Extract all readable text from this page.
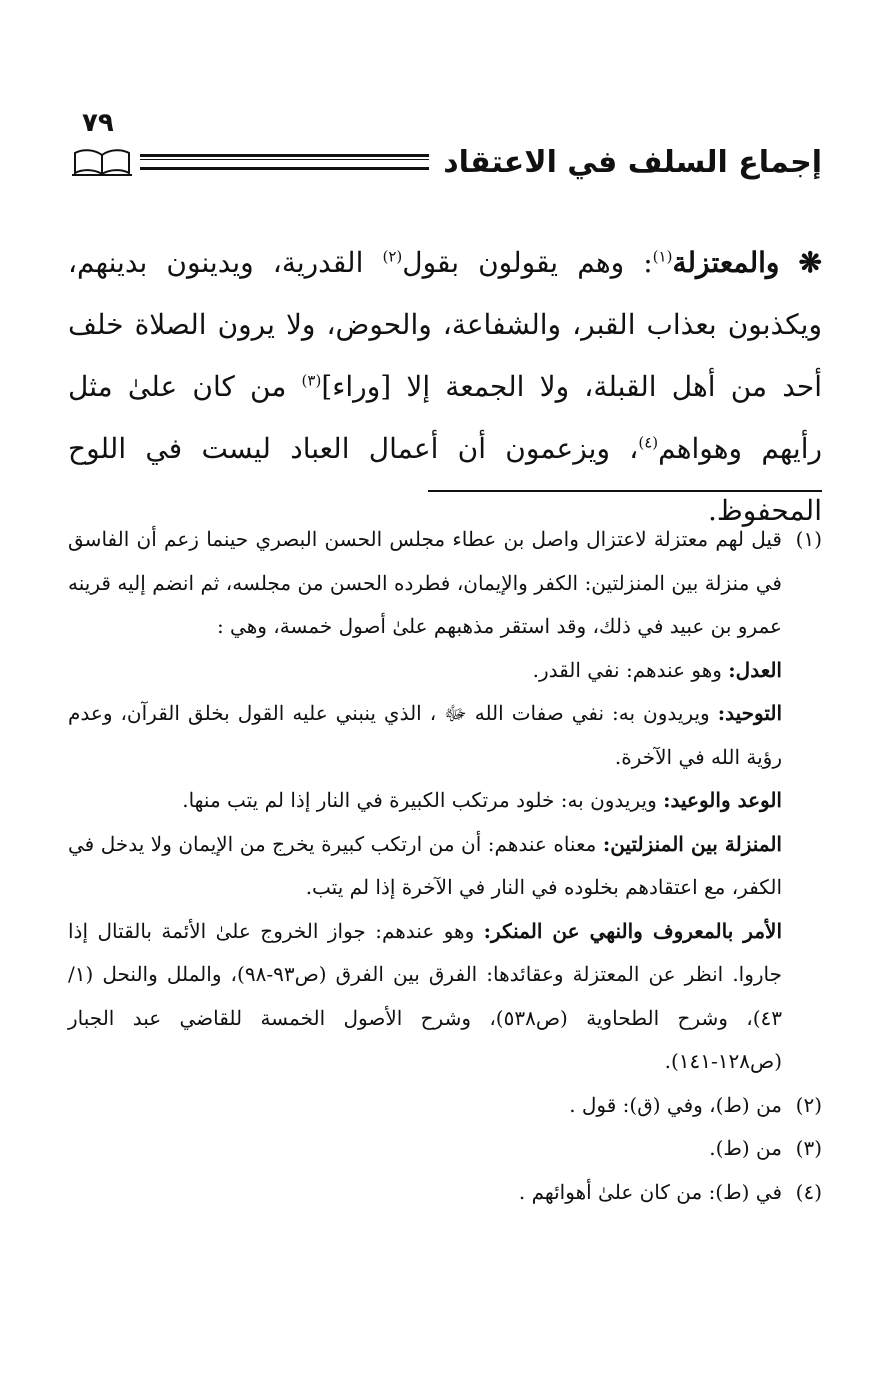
٧٩
إجماع السلف في الاعتقاد

❋ والمعتزلة$^{(١)}$: وهم يقولون بقول$^{(٢)}$ القدرية، ويدينون بدينهم، ويكذبون بعذاب القبر، والشفاعة، والحوض، ولا يرون الصلاة خلف أحد من أهل القبلة، ولا الجمعة إلا [وراء]$^{(٣)}$ من كان علىٰ مثل رأيهم وهواهم$^{(٤)}$، ويزعمون أن أعمال العباد ليست في اللوح المحفوظ.

(١)قيل لهم معتزلة لاعتزال واصل بن عطاء مجلس الحسن البصري حينما زعم أن الفاسق في منزلة بين المنزلتين: الكفر والإيمان، فطرده الحسن من مجلسه، ثم انضم إليه قرينه عمرو بن عبيد في ذلك، وقد استقر مذهبهم علىٰ أصول خمسة، وهي :

العدل: وهو عندهم: نفي القدر.

التوحيد: ويريدون به: نفي صفات الله ﷻ ، الذي ينبني عليه القول بخلق القرآن، وعدم رؤية الله في الآخرة.

الوعد والوعيد: ويريدون به: خلود مرتكب الكبيرة في النار إذا لم يتب منها.

المنزلة بين المنزلتين: معناه عندهم: أن من ارتكب كبيرة يخرج من الإيمان ولا يدخل في الكفر، مع اعتقادهم بخلوده في النار في الآخرة إذا لم يتب.

الأمر بالمعروف والنهي عن المنكر: وهو عندهم: جواز الخروج علىٰ الأئمة بالقتال إذا جاروا. انظر عن المعتزلة وعقائدها: الفرق بين الفرق (ص٩٣-٩٨)، والملل والنحل (١/ ٤٣)، وشرح الطحاوية (ص٥٣٨)، وشرح الأصول الخمسة للقاضي عبد الجبار (ص١٢٨-١٤١).

(٢)من (ط)، وفي (ق): قول .

(٣)من (ط).

(٤)في (ط): من كان علىٰ أهوائهم .
